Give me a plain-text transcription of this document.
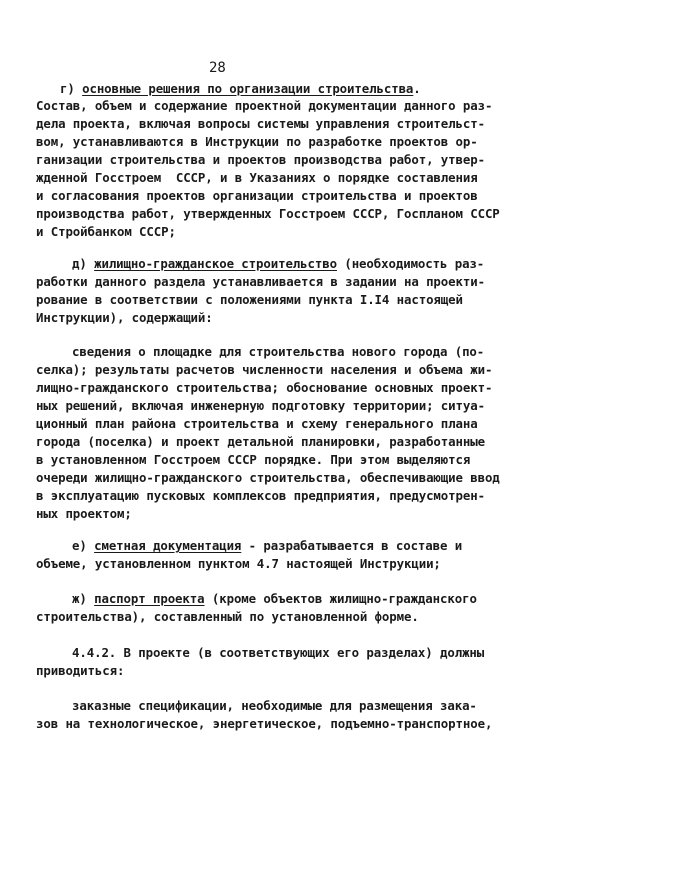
28
г) основные решения по организации строительства.
Состав, объем и содержание проектной документации данного раз-
дела проекта, включая вопросы системы управления строительст-
вом, устанавливаются в Инструкции по разработке проектов ор-
ганизации строительства и проектов производства работ, утвер-
жденной Госстроем  СССР, и в Указаниях о порядке составления
и согласования проектов организации строительства и проектов
производства работ, утвержденных Госстроем СССР, Госпланом СССР
и Стройбанком СССР;
д) жилищно-гражданское строительство (необходимость раз-
работки данного раздела устанавливается в задании на проекти-
рование в соответствии с положениями пункта I.I4 настоящей
Инструкции), содержащий:
сведения о площадке для строительства нового города (по-
селка); результаты расчетов численности населения и объема жи-
лищно-гражданского строительства; обоснование основных проект-
ных решений, включая инженерную подготовку территории; ситуа-
ционный план района строительства и схему генерального плана
города (поселка) и проект детальной планировки, разработанные
в установленном Госстроем СССР порядке. При этом выделяются
очереди жилищно-гражданского строительства, обеспечивающие ввод
в эксплуатацию пусковых комплексов предприятия, предусмотрен-
ных проектом;
е) сметная документация - разрабатывается в составе и
объеме, установленном пунктом 4.7 настоящей Инструкции;
ж) паспорт проекта (кроме объектов жилищно-гражданского
строительства), составленный по установленной форме.
4.4.2. В проекте (в соответствующих его разделах) должны
приводиться:
заказные спецификации, необходимые для размещения зака-
зов на технологическое, энергетическое, подъемно-транспортное,
